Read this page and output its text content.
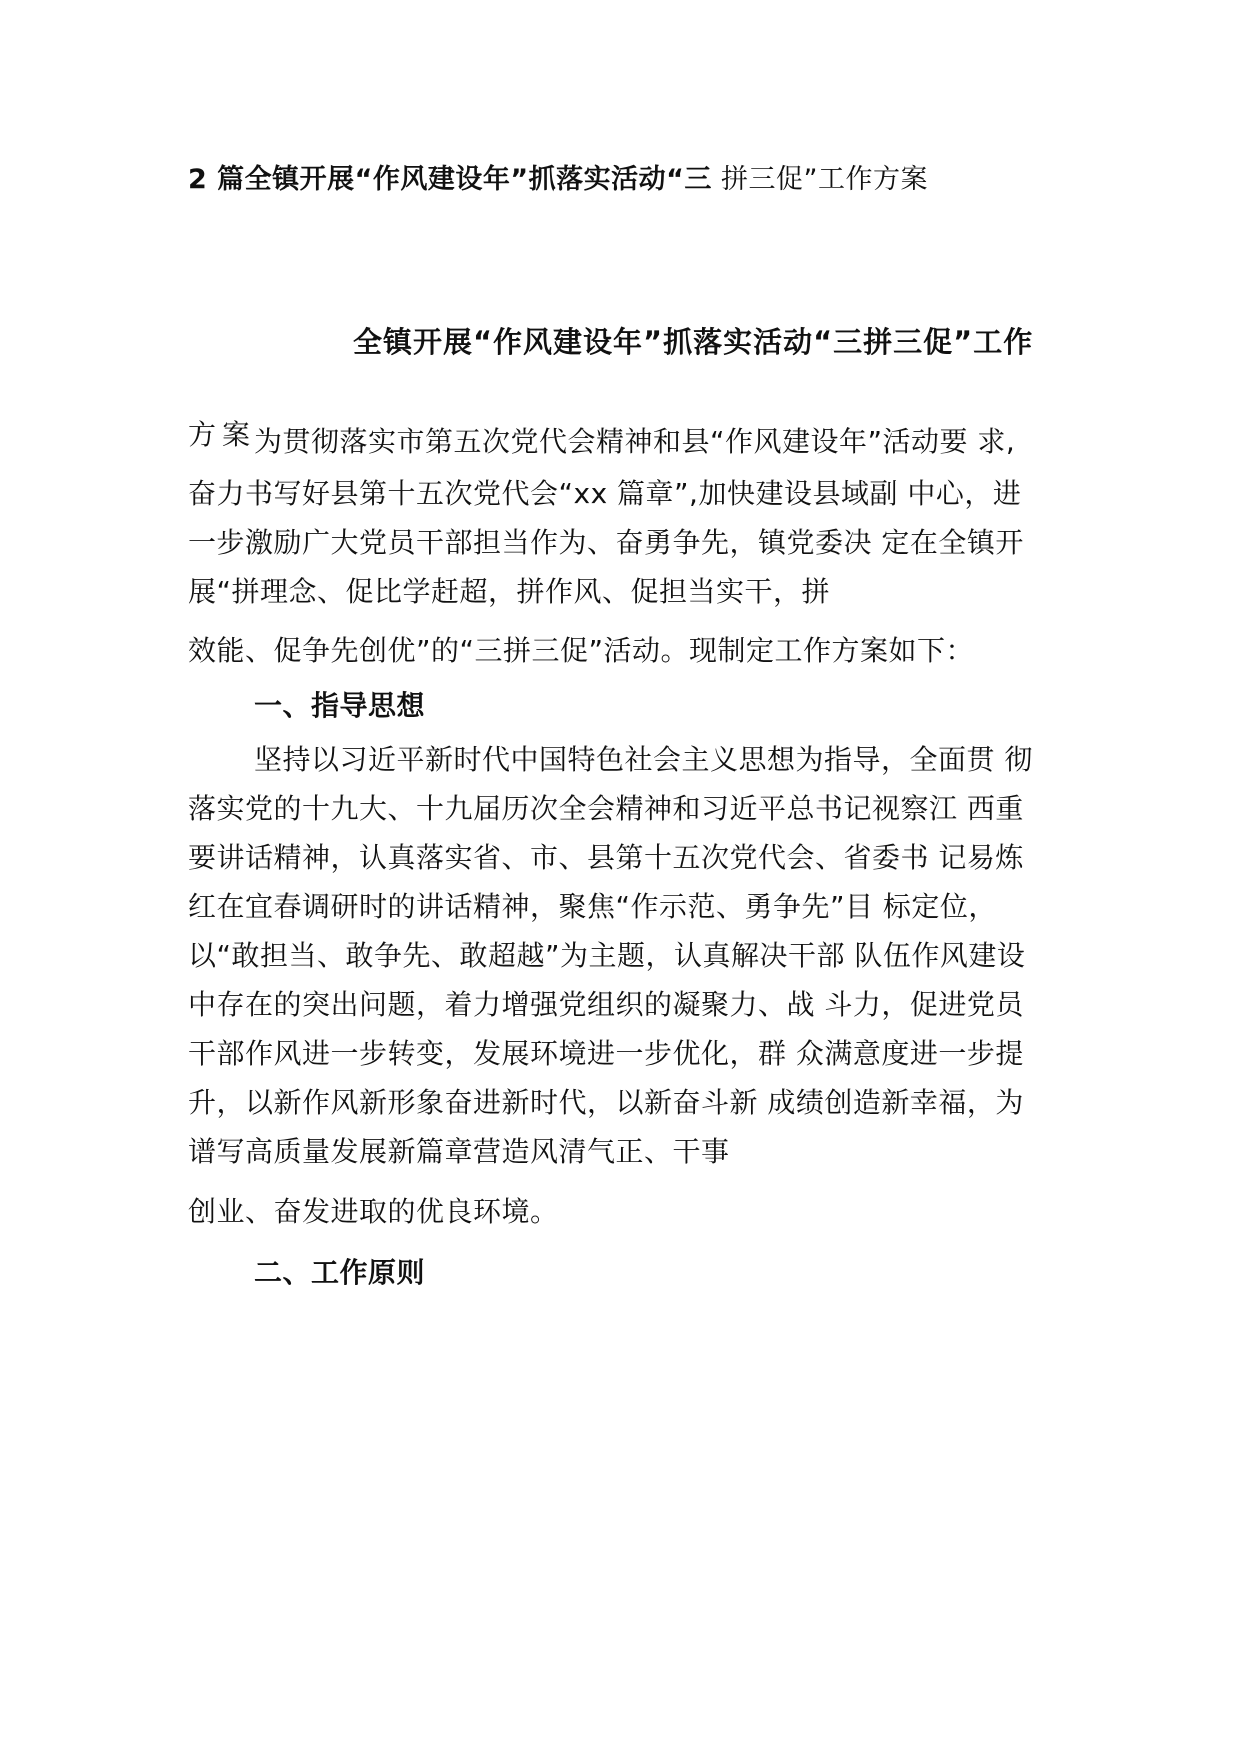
2 篇全镇开展“作风建设年”抓落实活动“三 拼三促”工作方案
全镇开展“作风建设年”抓落实活动“三拼三促”工作
方案
为贯彻落实市第五次党代会精神和县“作风建设年”活动要 求,
奋力书写好县第十五次党代会“xx 篇章”,加快建设县域副 中心，进
一步激励广大党员干部担当作为、奋勇争先，镇党委决 定在全镇开
展“拼理念、促比学赶超，拼作风、促担当实干，拼
效能、促争先创优”的“三拼三促”活动。现制定工作方案如下：
一、指导思想
坚持以习近平新时代中国特色社会主义思想为指导，全面贯 彻
落实党的十九大、十九届历次全会精神和习近平总书记视察江 西重
要讲话精神，认真落实省、市、县第十五次党代会、省委书 记易炼
红在宜春调研时的讲话精神，聚焦“作示范、勇争先”目 标定位，
以“敢担当、敢争先、敢超越”为主题，认真解决干部 队伍作风建设
中存在的突出问题，着力增强党组织的凝聚力、战 斗力，促进党员
干部作风进一步转变，发展环境进一步优化，群 众满意度进一步提
升，以新作风新形象奋进新时代，以新奋斗新 成绩创造新幸福，为
谱写高质量发展新篇章营造风清气正、干事
创业、奋发进取的优良环境。
二、工作原则
